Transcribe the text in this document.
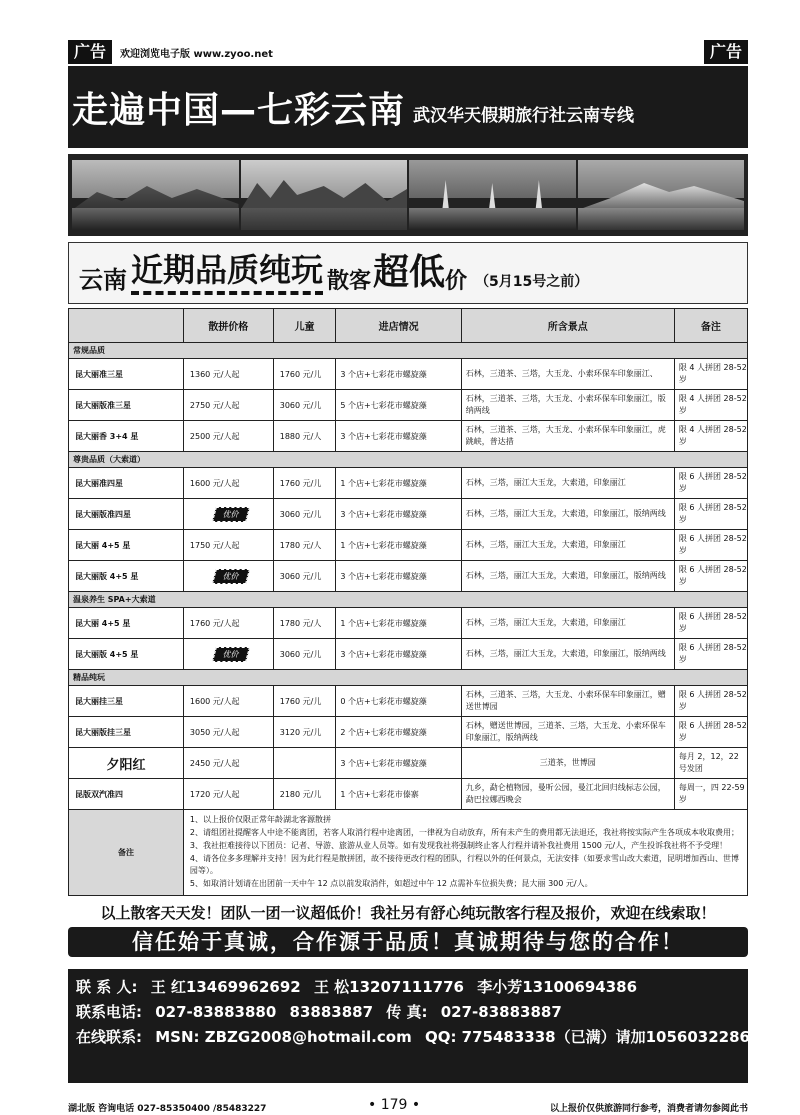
广告	欢迎浏览电子版 www.zyoo.net	广告
走遍中国—七彩云南 武汉华天假期旅行社云南专线
云南 近期品质纯玩 散客 超低 价 （5月15号之前）
	散拼价格	儿童	进店情况	所含景点	备注
常规品质					
昆大丽准三星	1360 元/人起	1760 元/儿	3 个店+七彩花市螺旋藻	石林，三道茶、三塔，大玉龙、小索环保车印象丽江、	限 4 人拼团 28-52 岁
昆大丽版准三星	2750 元/人起	3060 元/儿	5 个店+七彩花市螺旋藻	石林，三道茶、三塔，大玉龙、小索环保车印象丽江，版纳两线	限 4 人拼团 28-52 岁
昆大丽香 3+4 星	2500 元/人起	1880 元/人	3 个店+七彩花市螺旋藻	石林，三道茶、三塔，大玉龙、小索环保车印象丽江，虎跳峡，普达措	限 4 人拼团 28-52 岁
尊贵品质（大索道）					
昆大丽准四星	1600 元/人起	1760 元/儿	1 个店+七彩花市螺旋藻	石林，三塔，丽江大玉龙，大索道，印象丽江	限 6 人拼团 28-52 岁
昆大丽版准四星	优价	3060 元/儿	3 个店+七彩花市螺旋藻	石林，三塔，丽江大玉龙，大索道，印象丽江，版纳两线	限 6 人拼团 28-52 岁
昆大丽 4+5 星	1750 元/人起	1780 元/人	1 个店+七彩花市螺旋藻	石林，三塔，丽江大玉龙，大索道，印象丽江	限 6 人拼团 28-52 岁
昆大丽版 4+5 星	优价	3060 元/儿	3 个店+七彩花市螺旋藻	石林，三塔，丽江大玉龙，大索道，印象丽江，版纳两线	限 6 人拼团 28-52 岁
温泉养生 SPA+大索道					
昆大丽 4+5 星	1760 元/人起	1780 元/人	1 个店+七彩花市螺旋藻	石林，三塔，丽江大玉龙，大索道，印象丽江	限 6 人拼团 28-52 岁
昆大丽版 4+5 星	优价	3060 元/儿	3 个店+七彩花市螺旋藻	石林，三塔，丽江大玉龙，大索道，印象丽江，版纳两线	限 6 人拼团 28-52 岁
精品纯玩					
昆大丽挂三星	1600 元/人起	1760 元/儿	0 个店+七彩花市螺旋藻	石林，三道茶、三塔，大玉龙、小索环保车印象丽江，赠送世博园	限 6 人拼团 28-52 岁
昆大丽版挂三星	3050 元/人起	3120 元/儿	2 个店+七彩花市螺旋藻	石林，赠送世博园，三道茶、三塔，大玉龙、小索环保车印象丽江，版纳两线	限 6 人拼团 28-52 岁
夕阳红	2450 元/人起		3 个店+七彩花市螺旋藻	三道茶，世博园	每月 2，12，22 号发团
昆版双汽准四	1720 元/人起	2180 元/儿	1 个店+七彩花市傣寨	九乡，勐仑植物园，曼听公园，曼江北回归线标志公园，勐巴拉娜西晚会	每周一，四 22-59 岁
备注	1、以上报价仅限正常年龄湖北客源散拼
2、请组团社提醒客人中途不能离团，若客人取消行程中途离团，一律视为自动放弃，所有未产生的费用都无法退还，我社将按实际产生各项成本收取费用；
3、我社拒难接待以下团员：记者、导游、旅游从业人员等。如有发现我社将强制终止客人行程并请补我社费用 1500 元/人，产生投诉我社将不予受理！
4、请各位多多理解并支持！因为此行程是散拼团，故不接待更改行程的团队，行程以外的任何景点，无法安排（如要求雪山改大索道，昆明增加西山、世博园等）。
5、如取消计划请在出团前一天中午 12 点以前发取消件，如超过中午 12 点需补车位损失费；昆大丽 300 元/人。				
以上散客天天发！团队一团一议超低价！我社另有舒心纯玩散客行程及报价，欢迎在线索取！
信任始于真诚，合作源于品质！真诚期待与您的合作！
联 系 人: 王 红13469962692 王 松13207111776 李小芳13100694386
联系电话: 027-83883880 83883887 传 真: 027-83883887
在线联系: MSN: ZBZG2008@hotmail.com QQ: 775483338（已满）请加1056032286
湖北版 咨询电话 027-85350400 /85483227	• 179 •	以上报价仅供旅游同行参考，消费者请勿参阅此书
